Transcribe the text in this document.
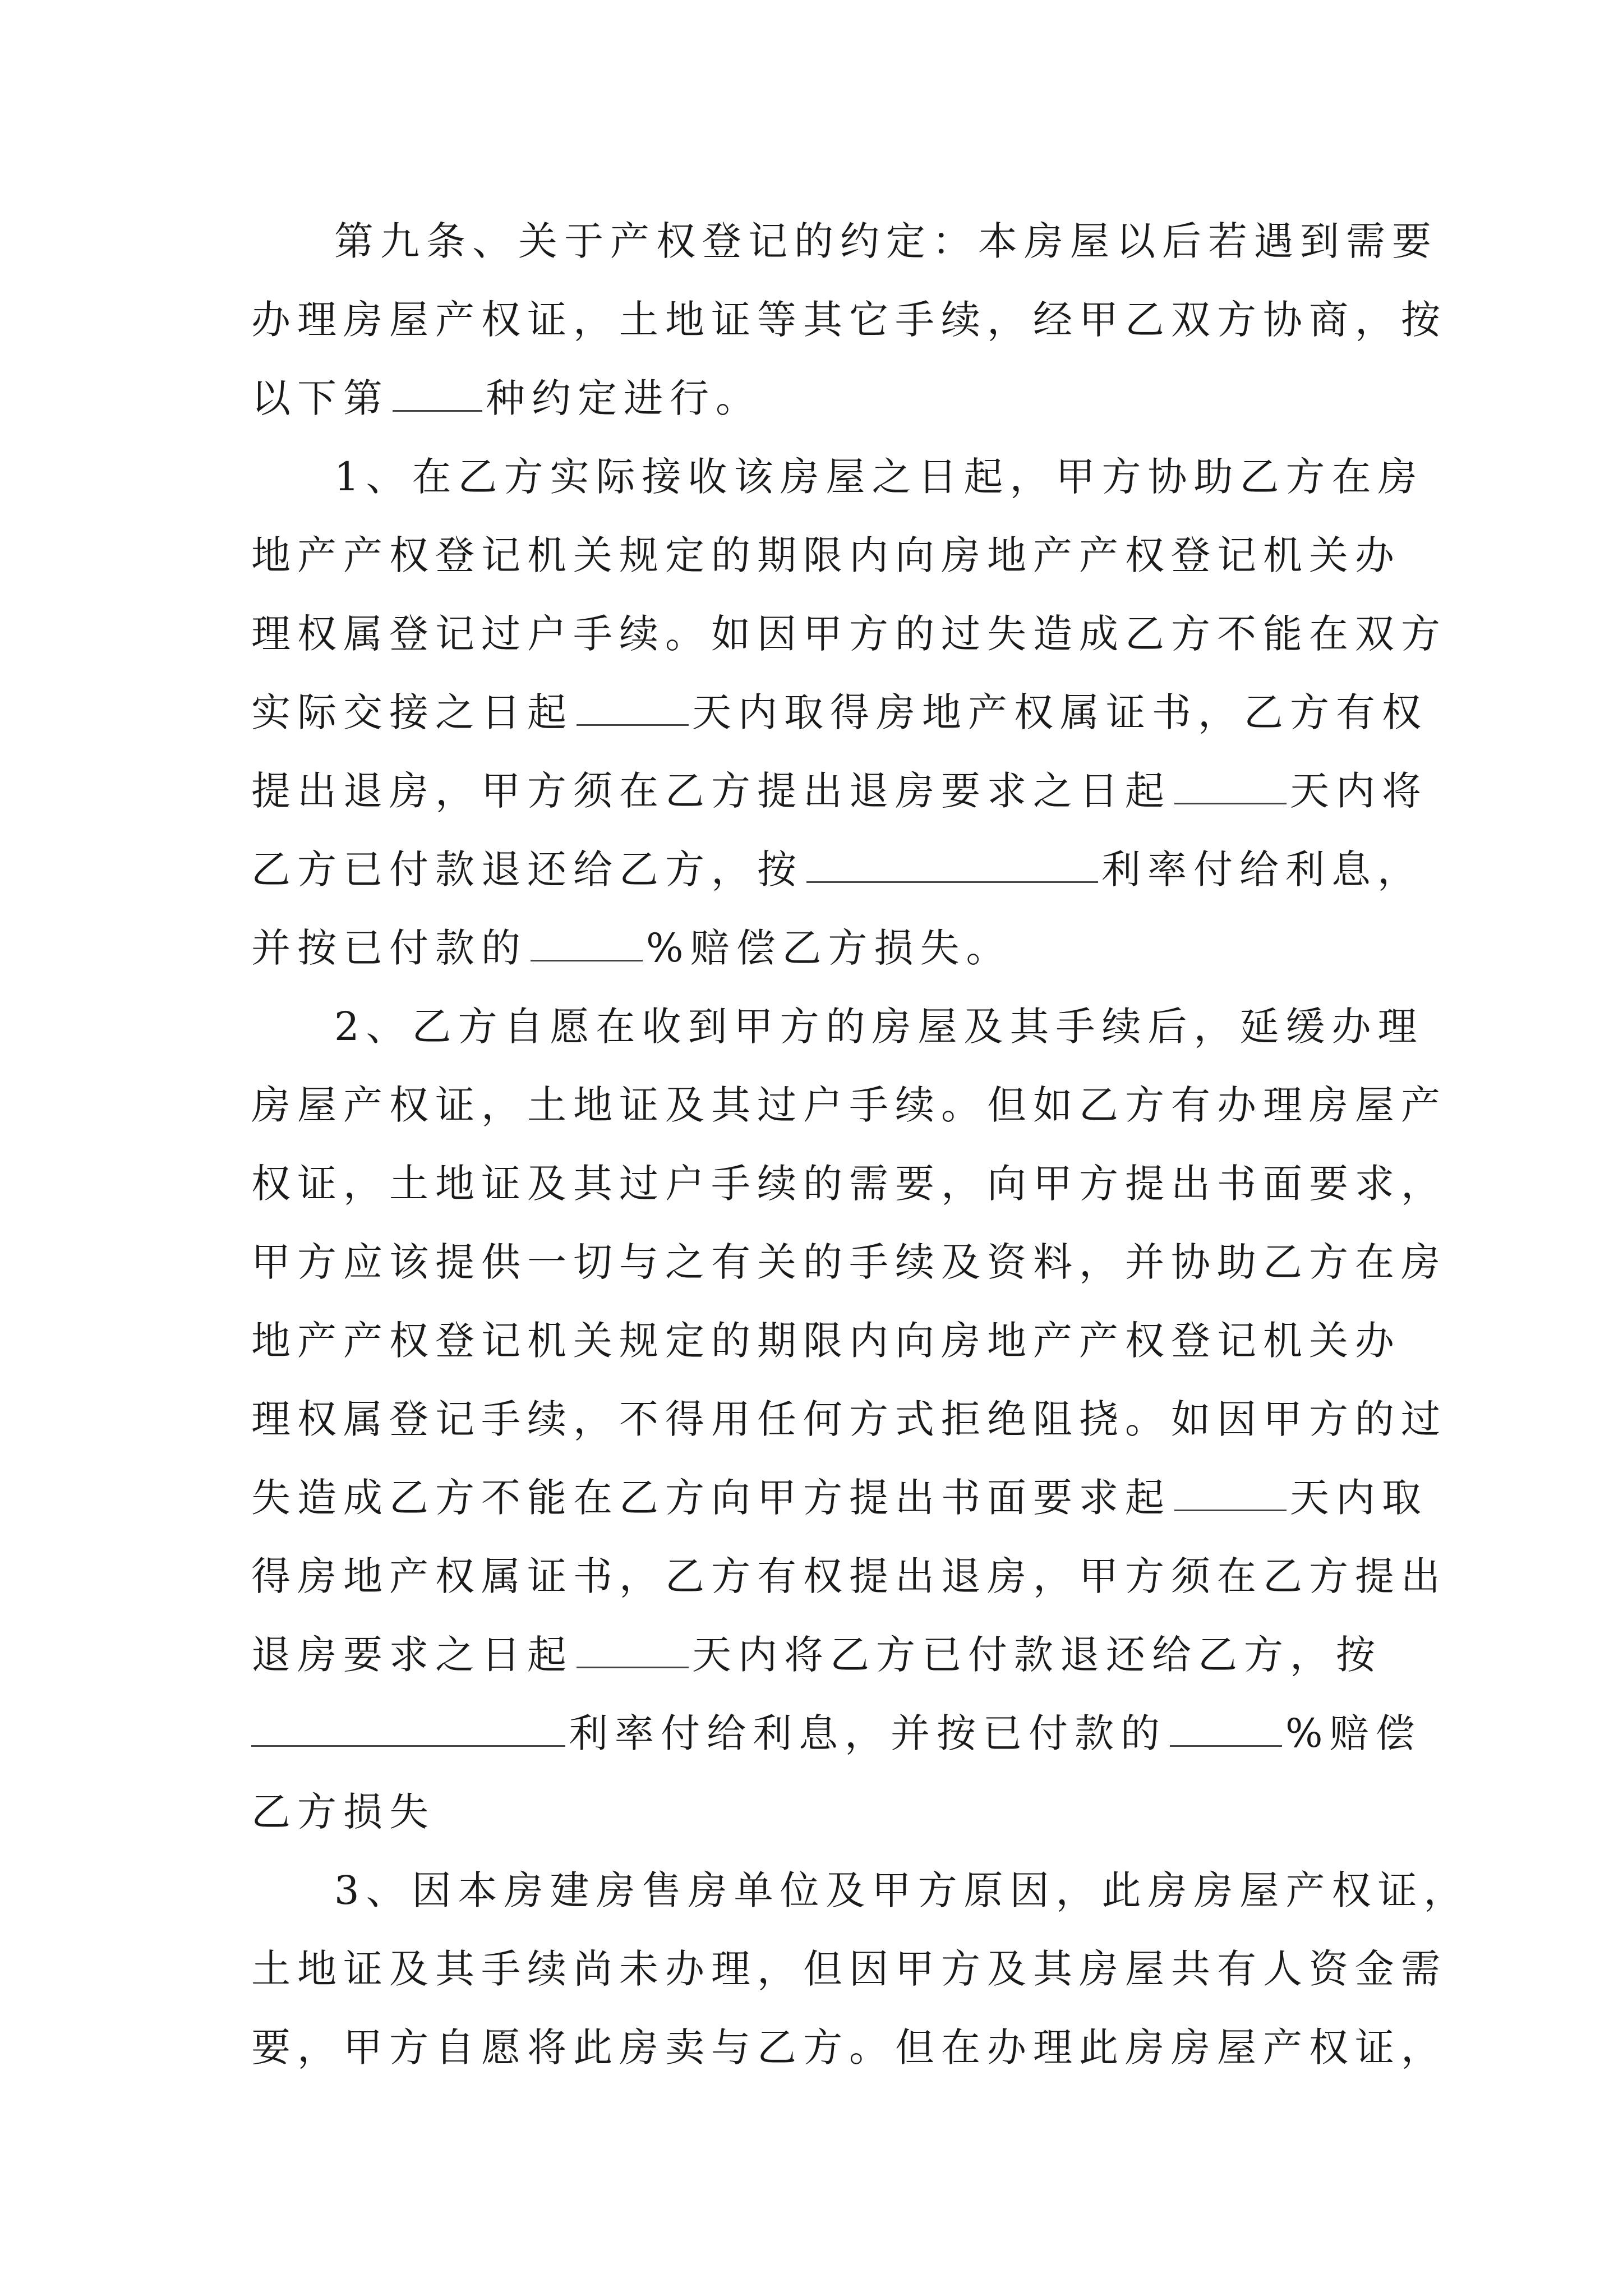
第九条、关于产权登记的约定：本房屋以后若遇到需要
办理房屋产权证，土地证等其它手续，经甲乙双方协商，按
以下第 种约定进行。
1、在乙方实际接收该房屋之日起，甲方协助乙方在房
地产产权登记机关规定的期限内向房地产产权登记机关办
理权属登记过户手续。如因甲方的过失造成乙方不能在双方
实际交接之日起	天内取得房地产权属证书，乙方有权
提出退房，甲方须在乙方提出退房要求之日起	天内将
乙方已付款退还给乙方，按	利率付给利息，
并按已付款的	%赔偿乙方损失。
2、乙方自愿在收到甲方的房屋及其手续后，延缓办理
房屋产权证，土地证及其过户手续。但如乙方有办理房屋产
权证，土地证及其过户手续的需要，向甲方提出书面要求，
甲方应该提供一切与之有关的手续及资料，并协助乙方在房
地产产权登记机关规定的期限内向房地产产权登记机关办
理权属登记手续，不得用任何方式拒绝阻挠。如因甲方的过
失造成乙方不能在乙方向甲方提出书面要求起	天内取
得房地产权属证书，乙方有权提出退房，甲方须在乙方提出
退房要求之日起	天内将乙方已付款退还给乙方，按
利率付给利息，并按已付款的	%赔偿
乙方损失
3、因本房建房售房单位及甲方原因，此房房屋产权证，
土地证及其手续尚未办理，但因甲方及其房屋共有人资金需
要，甲方自愿将此房卖与乙方。但在办理此房房屋产权证，
